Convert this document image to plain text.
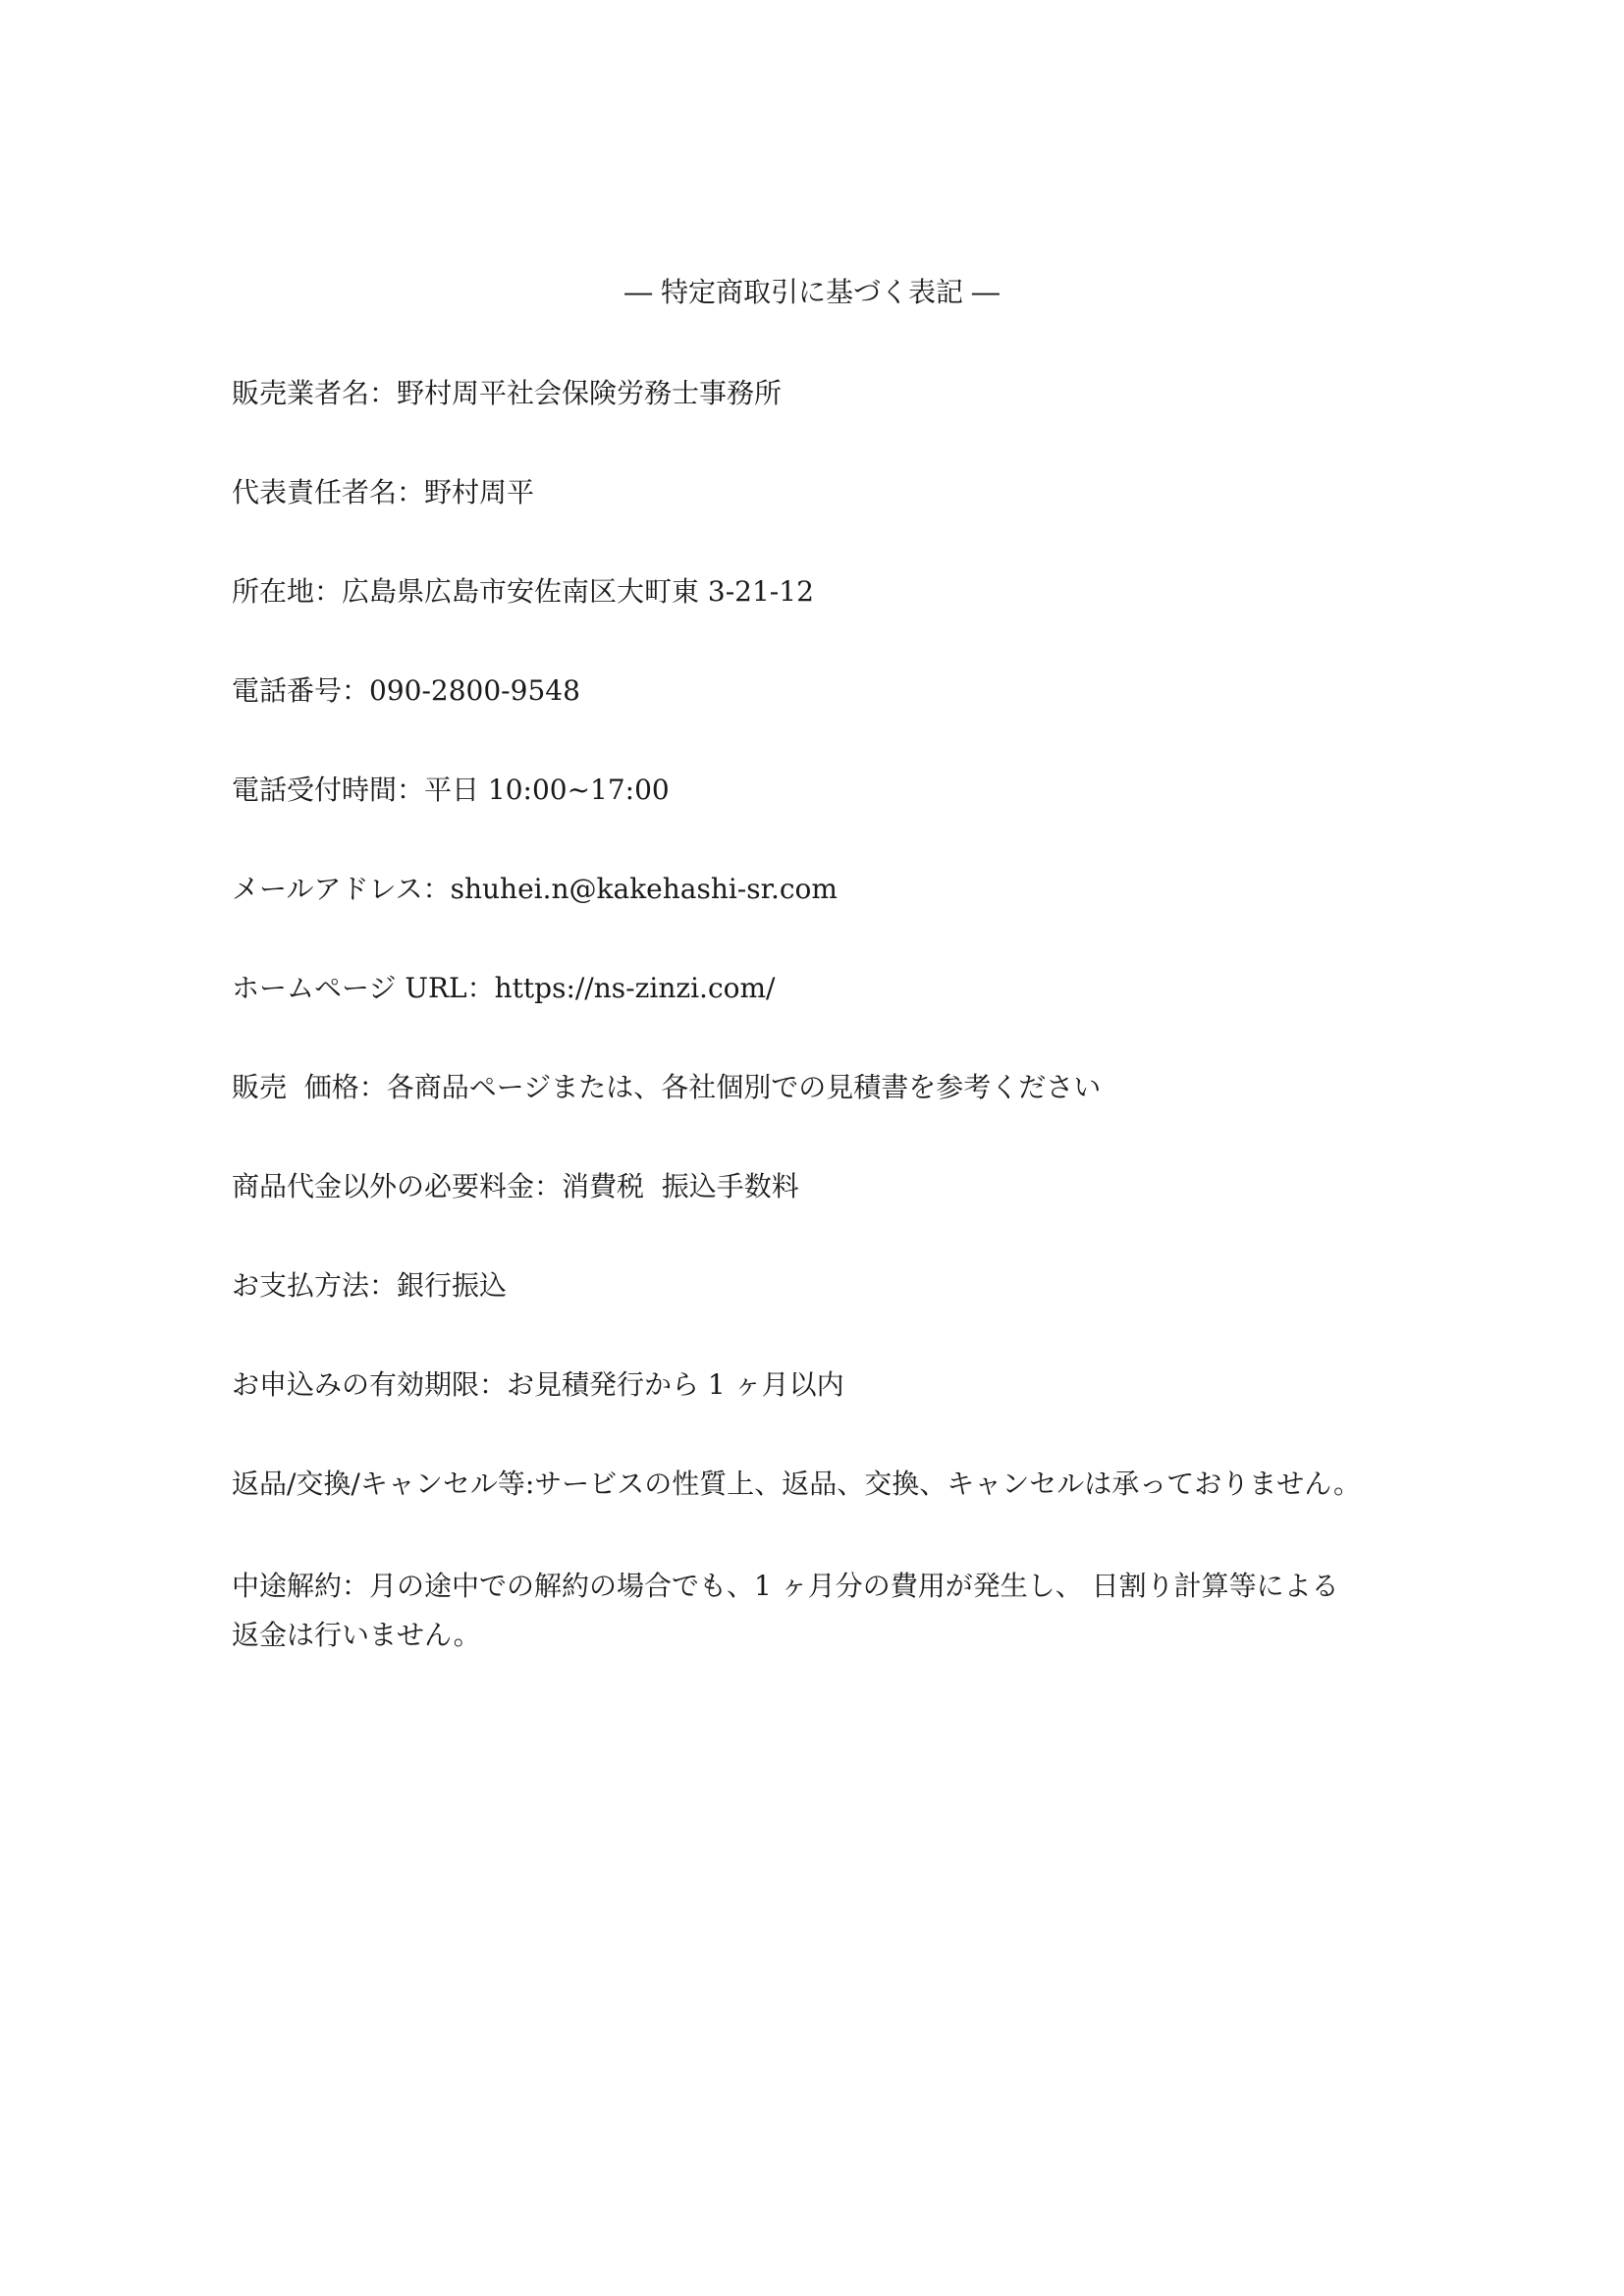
― 特定商取引に基づく表記 ―
販売業者名：野村周平社会保険労務士事務所
代表責任者名：野村周平
所在地：広島県広島市安佐南区大町東 3-21-12
電話番号：090-2800-9548
電話受付時間：平日 10:00~17:00
メールアドレス：shuhei.n@kakehashi-sr.com
ホームページ URL：https://ns-zinzi.com/
販売  価格：各商品ページまたは、各社個別での見積書を参考ください
商品代金以外の必要料金：消費税  振込手数料
お支払方法：銀行振込
お申込みの有効期限：お見積発行から 1 ヶ月以内
返品/交換/キャンセル等:サービスの性質上、返品、交換、キャンセルは承っておりません。
中途解約：月の途中での解約の場合でも、1 ヶ月分の費用が発生し、 日割り計算等による
返金は行いません。
